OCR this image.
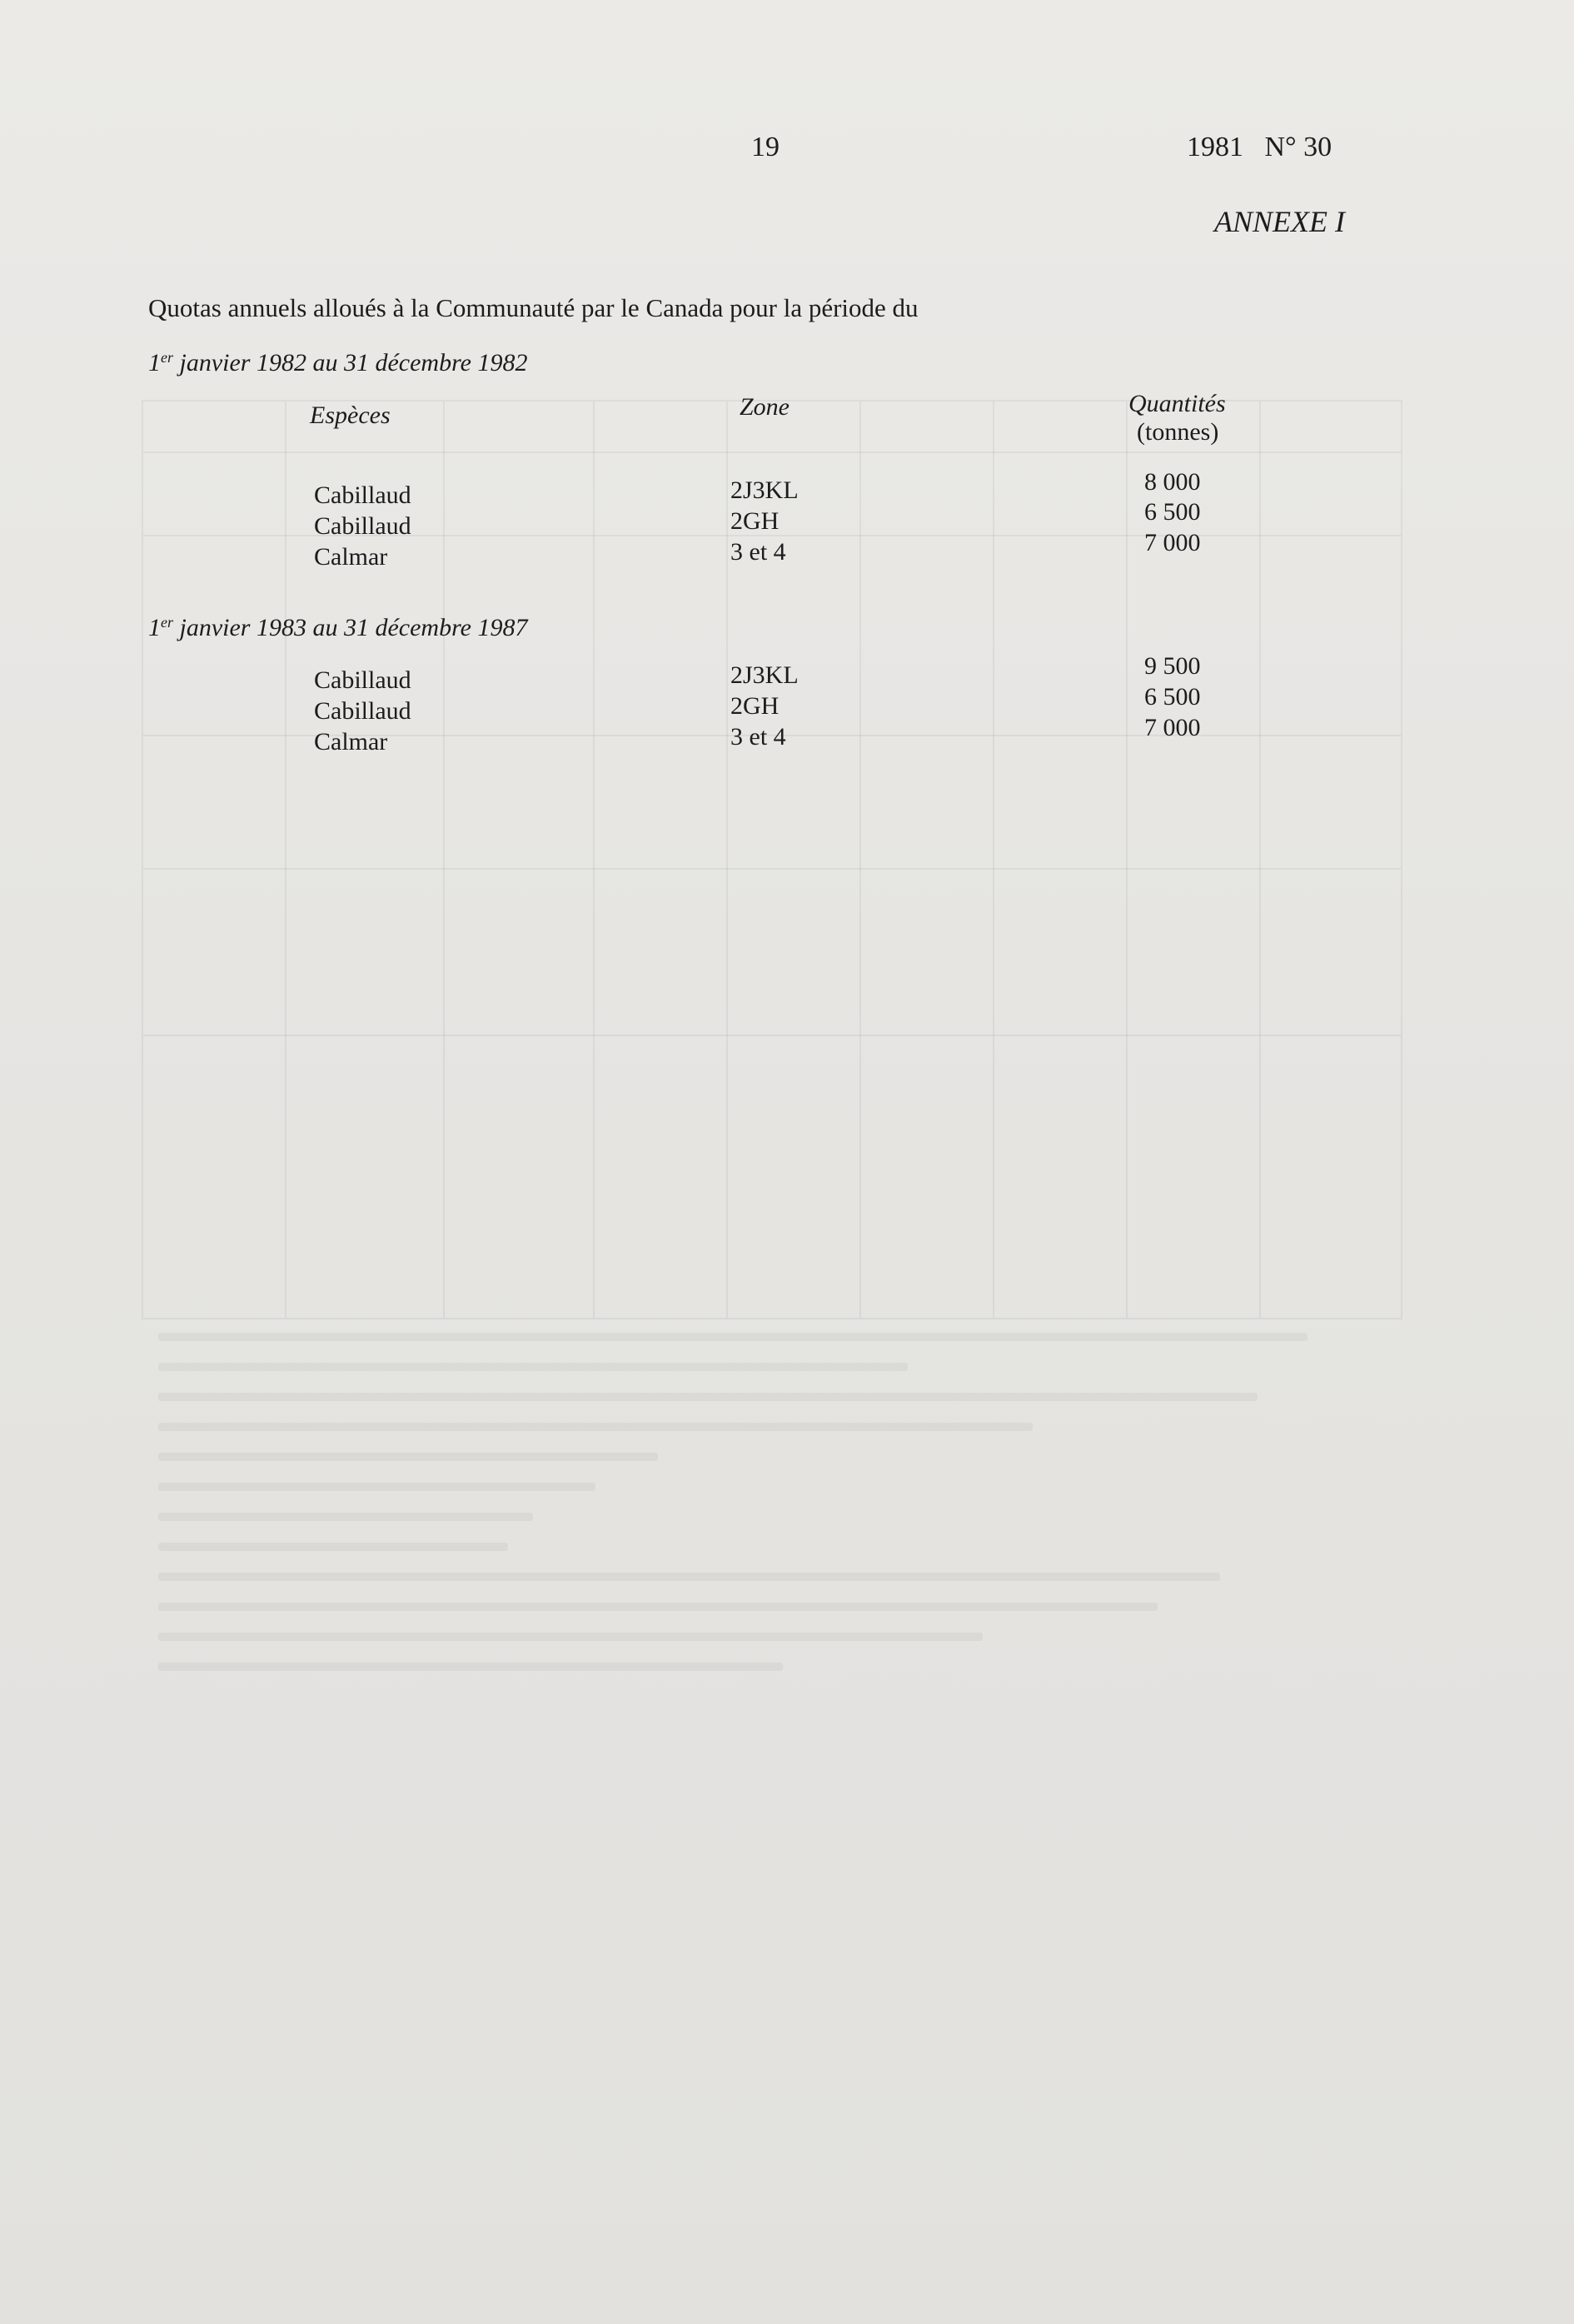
19	1981   N° 30
ANNEXE I
Quotas annuels alloués à la Communauté par le Canada pour la période du
1er janvier 1982 au 31 décembre 1982
Espèces	Zone	Quantités
(tonnes)
Cabillaud	2J3KL	8 000
Cabillaud	2GH	6 500
Calmar	3 et 4	7 000
1er janvier 1983 au 31 décembre 1987
Cabillaud	2J3KL	9 500
Cabillaud	2GH	6 500
Calmar	3 et 4	7 000
